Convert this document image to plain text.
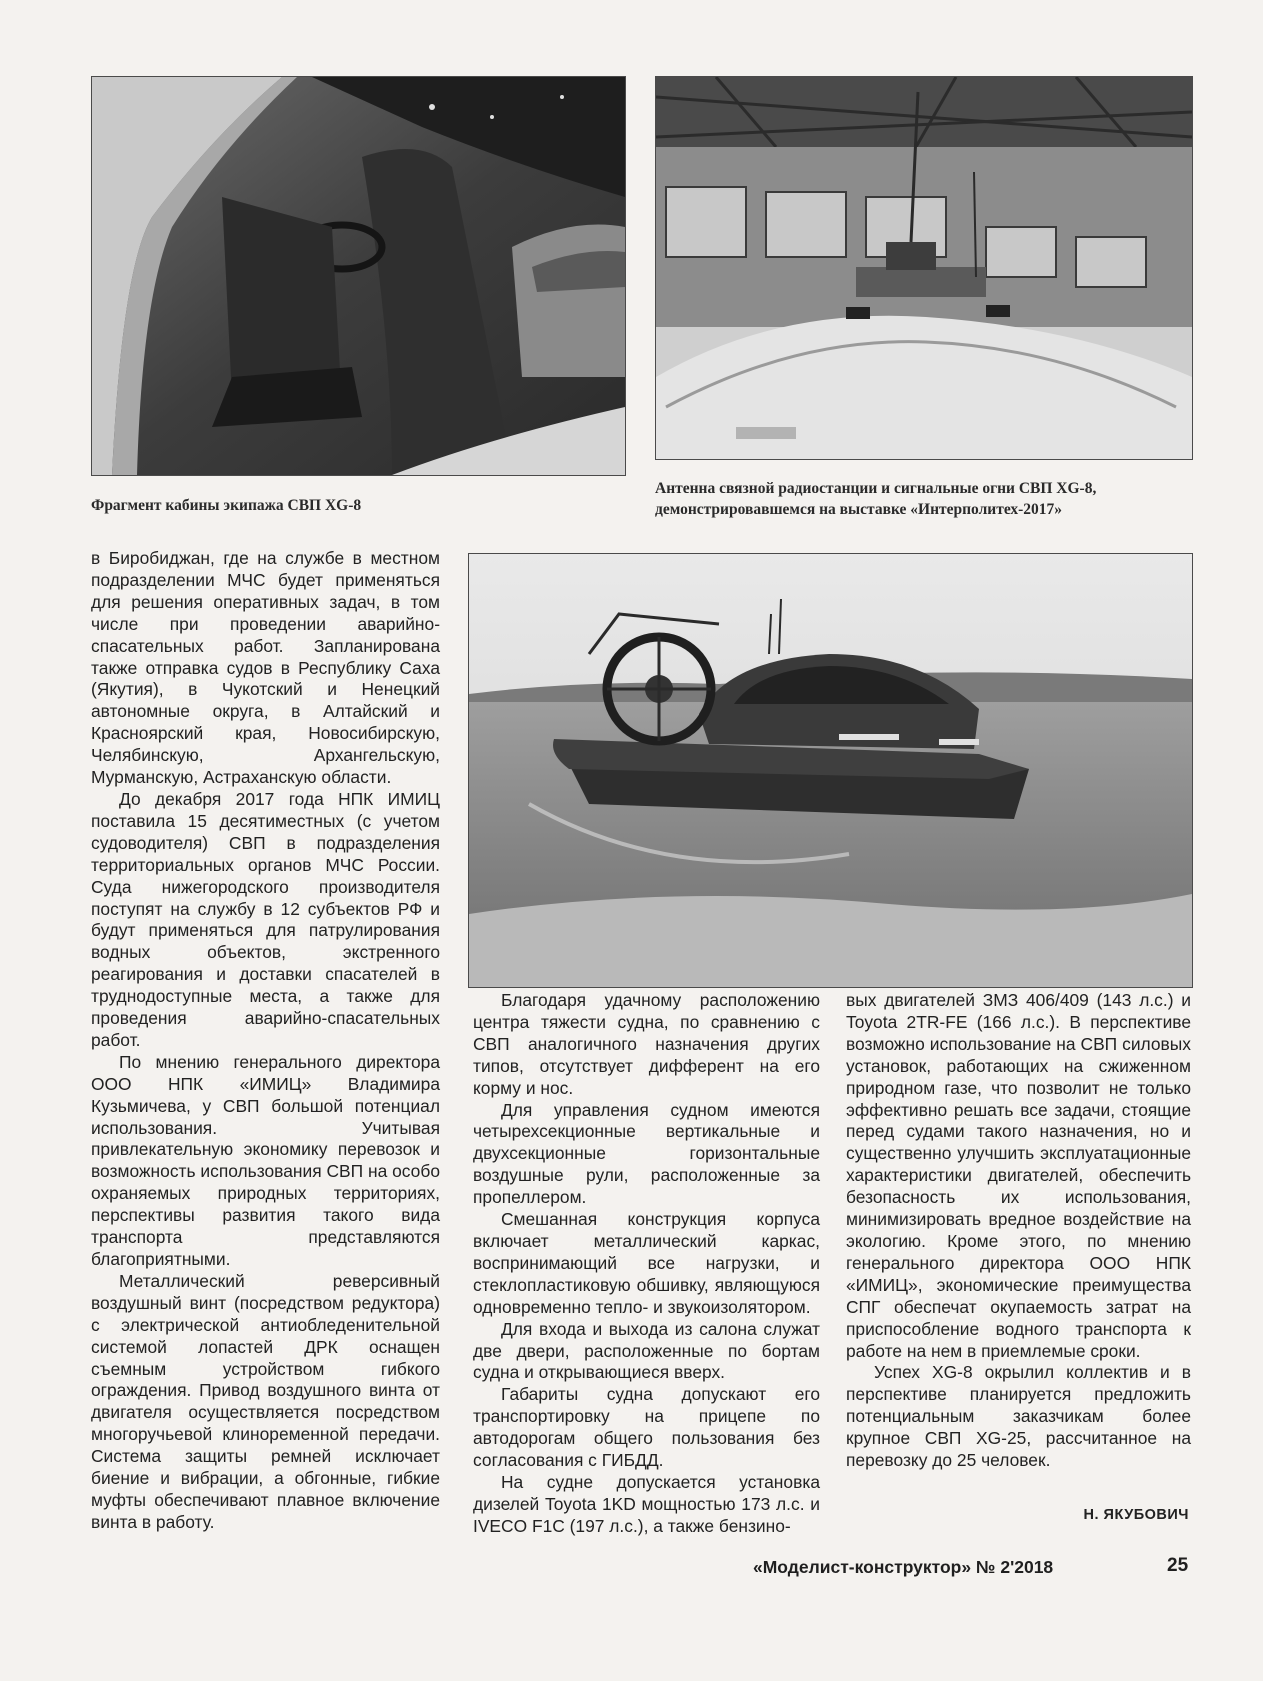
Фрагмент кабины экипажа СВП XG-8
Антенна связной радиостанции и сигнальные огни СВП XG-8, демонстрировавшемся на выставке «Интерполитех-2017»

в Биробиджан, где на службе в местном подразделении МЧС будет применяться для решения оперативных задач, в том числе при проведении аварийно-спасательных работ. Запланирована также отправка судов в Республику Саха (Якутия), в Чукотский и Ненецкий автономные округа, в Алтайский и Красноярский края, Новосибирскую, Челябинскую, Архангельскую, Мурманскую, Астраханскую области.

До декабря 2017 года НПК ИМИЦ поставила 15 десятиместных (с учетом судоводителя) СВП в подразделения территориальных органов МЧС России. Суда нижегородского производителя поступят на службу в 12 субъектов РФ и будут применяться для патрулирования водных объектов, экстренного реагирования и доставки спасателей в труднодоступные места, а также для проведения аварийно-спасательных работ.

По мнению генерального директора ООО НПК «ИМИЦ» Владимира Кузьмичева, у СВП большой потенциал использования. Учитывая привлекательную экономику перевозок и возможность использования СВП на особо охраняемых природных территориях, перспективы развития такого вида транспорта представляются благоприятными.

Металлический реверсивный воздушный винт (посредством редуктора) с электрической антиобледенительной системой лопастей ДРК оснащен съемным устройством гибкого ограждения. Привод воздушного винта от двигателя осуществляется посредством многоручьевой клиноременной передачи. Система защиты ремней исключает биение и вибрации, а обгонные, гибкие муфты обеспечивают плавное включение винта в работу.

Благодаря удачному расположению центра тяжести судна, по сравнению с СВП аналогичного назначения других типов, отсутствует дифферент на его корму и нос.

Для управления судном имеются четырехсекционные вертикальные и двухсекционные горизонтальные воздушные рули, расположенные за пропеллером.

Смешанная конструкция корпуса включает металлический каркас, воспринимающий все нагрузки, и стеклопластиковую обшивку, являющуюся одновременно тепло- и звукоизолятором.

Для входа и выхода из салона служат две двери, расположенные по бортам судна и открывающиеся вверх.

Габариты судна допускают его транспортировку на прицепе по автодорогам общего пользования без согласования с ГИБДД.

На судне допускается установка дизелей Toyota 1KD мощностью 173 л.с. и IVECO F1C (197 л.с.), а также бензино-

вых двигателей ЗМЗ 406/409 (143 л.с.) и Toyota 2TR-FE (166 л.с.). В перспективе возможно использование на СВП силовых установок, работающих на сжиженном природном газе, что позволит не только эффективно решать все задачи, стоящие перед судами такого назначения, но и существенно улучшить эксплуатационные характеристики двигателей, обеспечить безопасность их использования, минимизировать вредное воздействие на экологию. Кроме этого, по мнению генерального директора ООО НПК «ИМИЦ», экономические преимущества СПГ обеспечат окупаемость затрат на приспособление водного транспорта к работе на нем в приемлемые сроки.

Успех XG-8 окрылил коллектив и в перспективе планируется предложить потенциальным заказчикам более крупное СВП XG-25, рассчитанное на перевозку до 25 человек.

Н. ЯКУБОВИЧ
«Моделист-конструктор» № 2'2018	25
